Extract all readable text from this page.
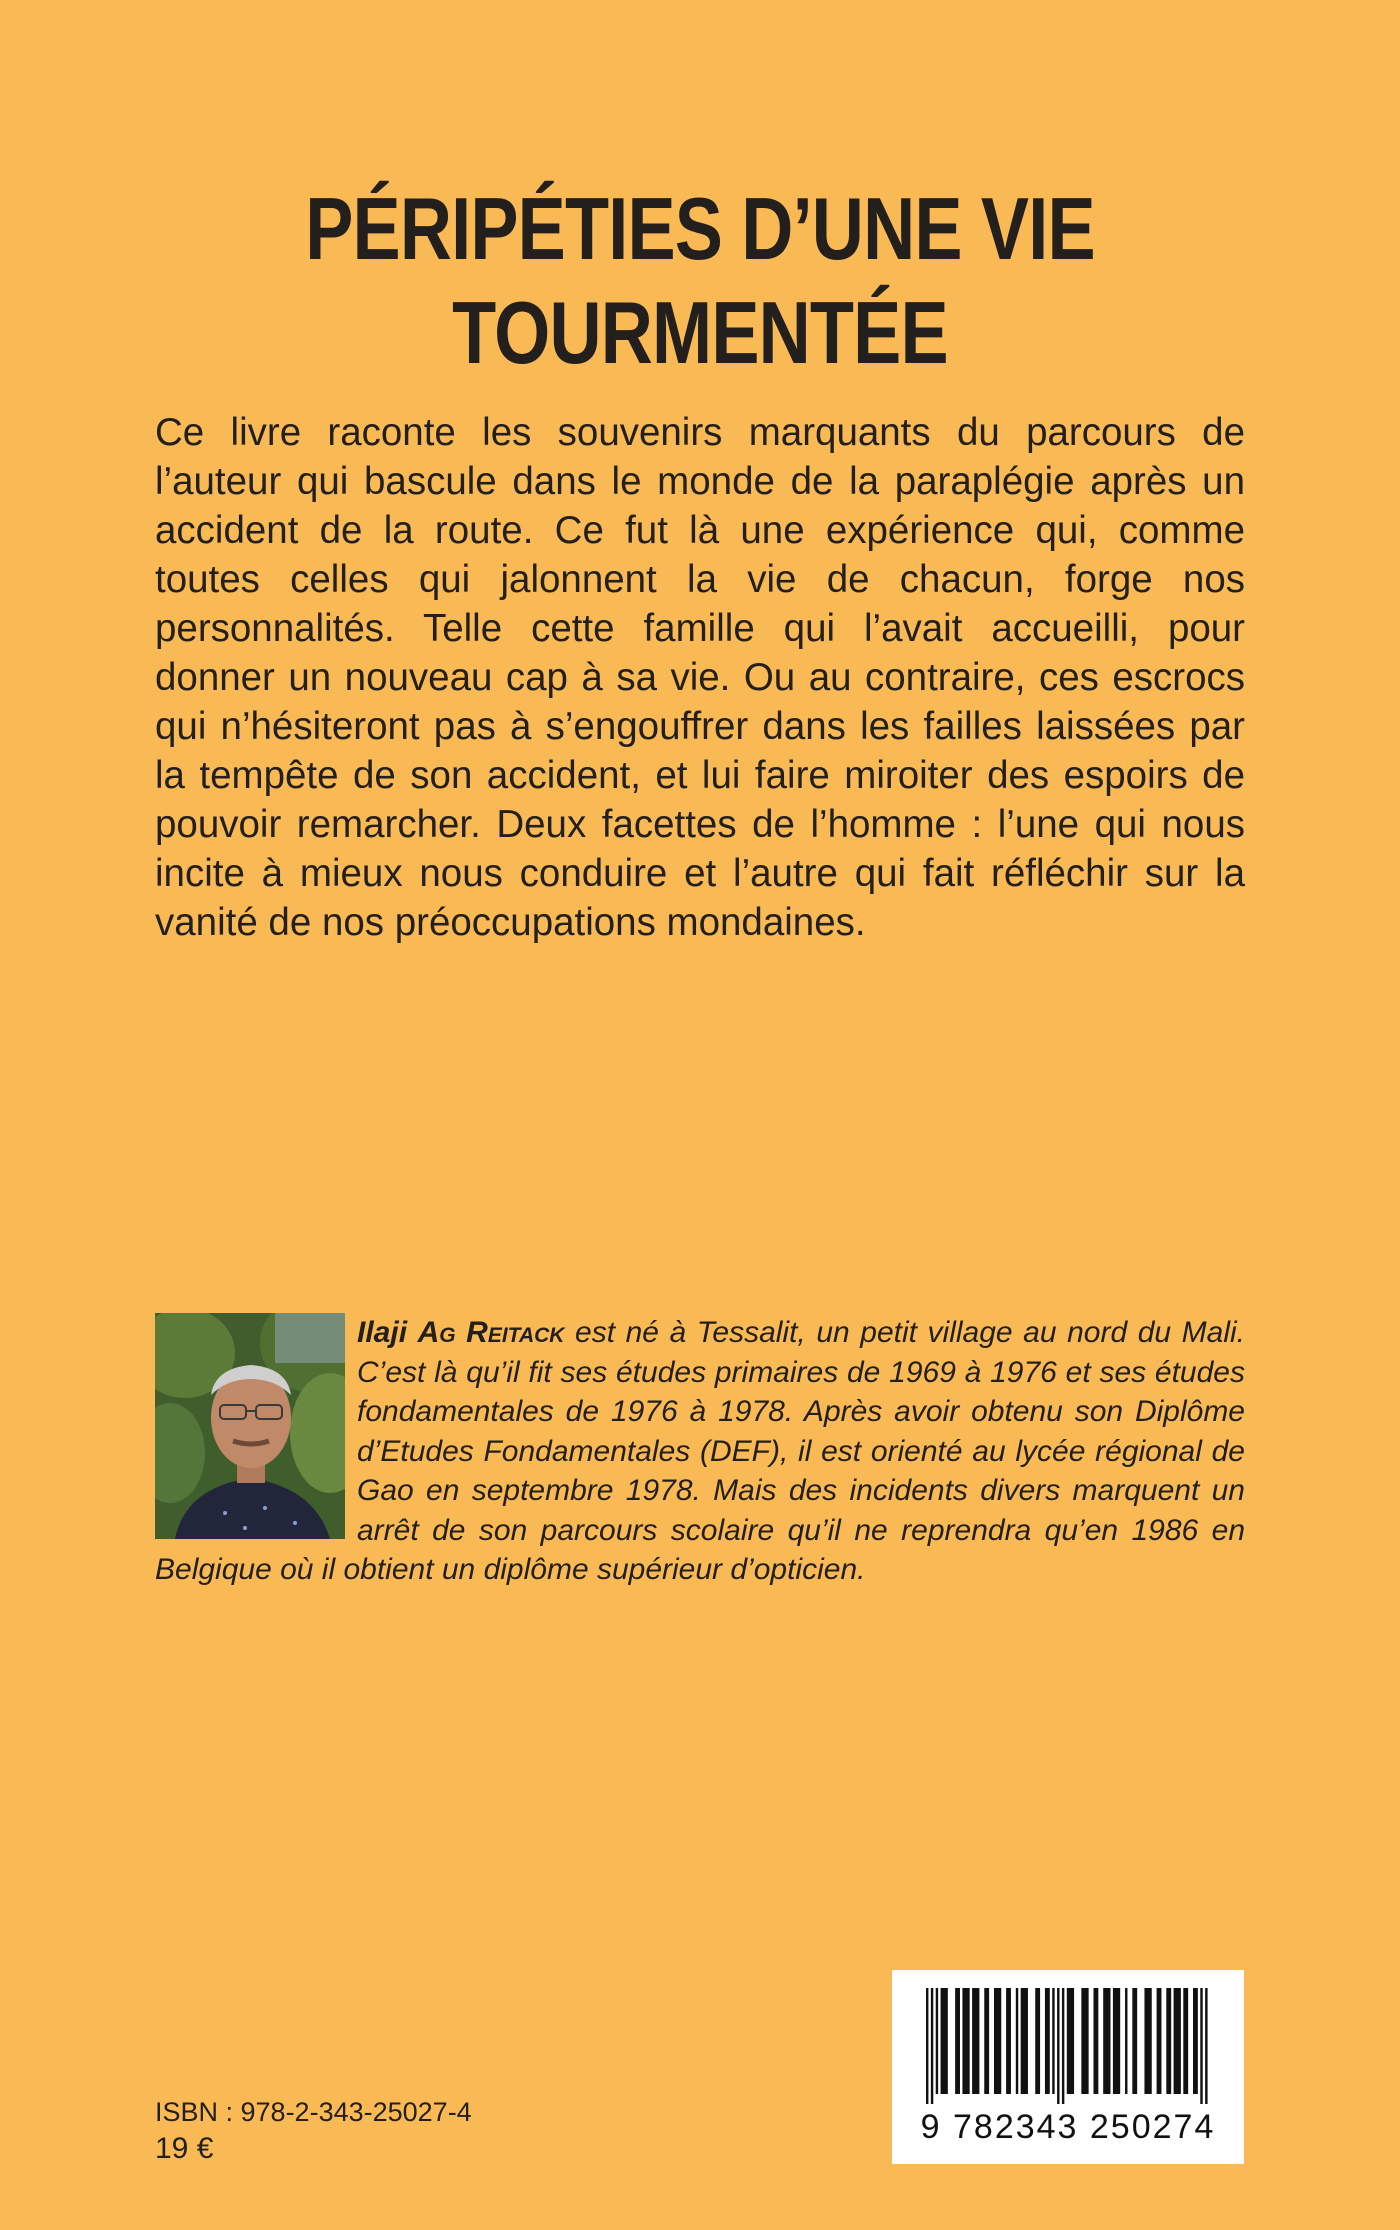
PÉRIPÉTIES D’UNE VIE
TOURMENTÉE

Ce livre raconte les souvenirs marquants du parcours de l’auteur qui bascule dans le monde de la paraplégie après un accident de la route. Ce fut là une expérience qui, comme toutes celles qui jalonnent la vie de chacun, forge nos personnalités. Telle cette famille qui l’avait accueilli, pour donner un nouveau cap à sa vie. Ou au contraire, ces escrocs qui n’hésiteront pas à s’engouffrer dans les failles laissées par la tempête de son accident, et lui faire miroiter des espoirs de pouvoir remarcher. Deux facettes de l’homme : l’une qui nous incite à mieux nous conduire et l’autre qui fait réfléchir sur la vanité de nos préoccupations mondaines.

Ilaji Ag Reitack est né à Tessalit, un petit village au nord du Mali. C’est là qu’il fit ses études primaires de 1969 à 1976 et ses études fondamentales de 1976 à 1978. Après avoir obtenu son Diplôme d’Etudes Fondamentales (DEF), il est orienté au lycée régional de Gao en septembre 1978. Mais des incidents divers marquent un arrêt de son parcours scolaire qu’il ne reprendra qu’en 1986 en Belgique où il obtient un diplôme supérieur d’opticien.

ISBN : 978-2-343-25027-4
19 €
9 782343 250274
